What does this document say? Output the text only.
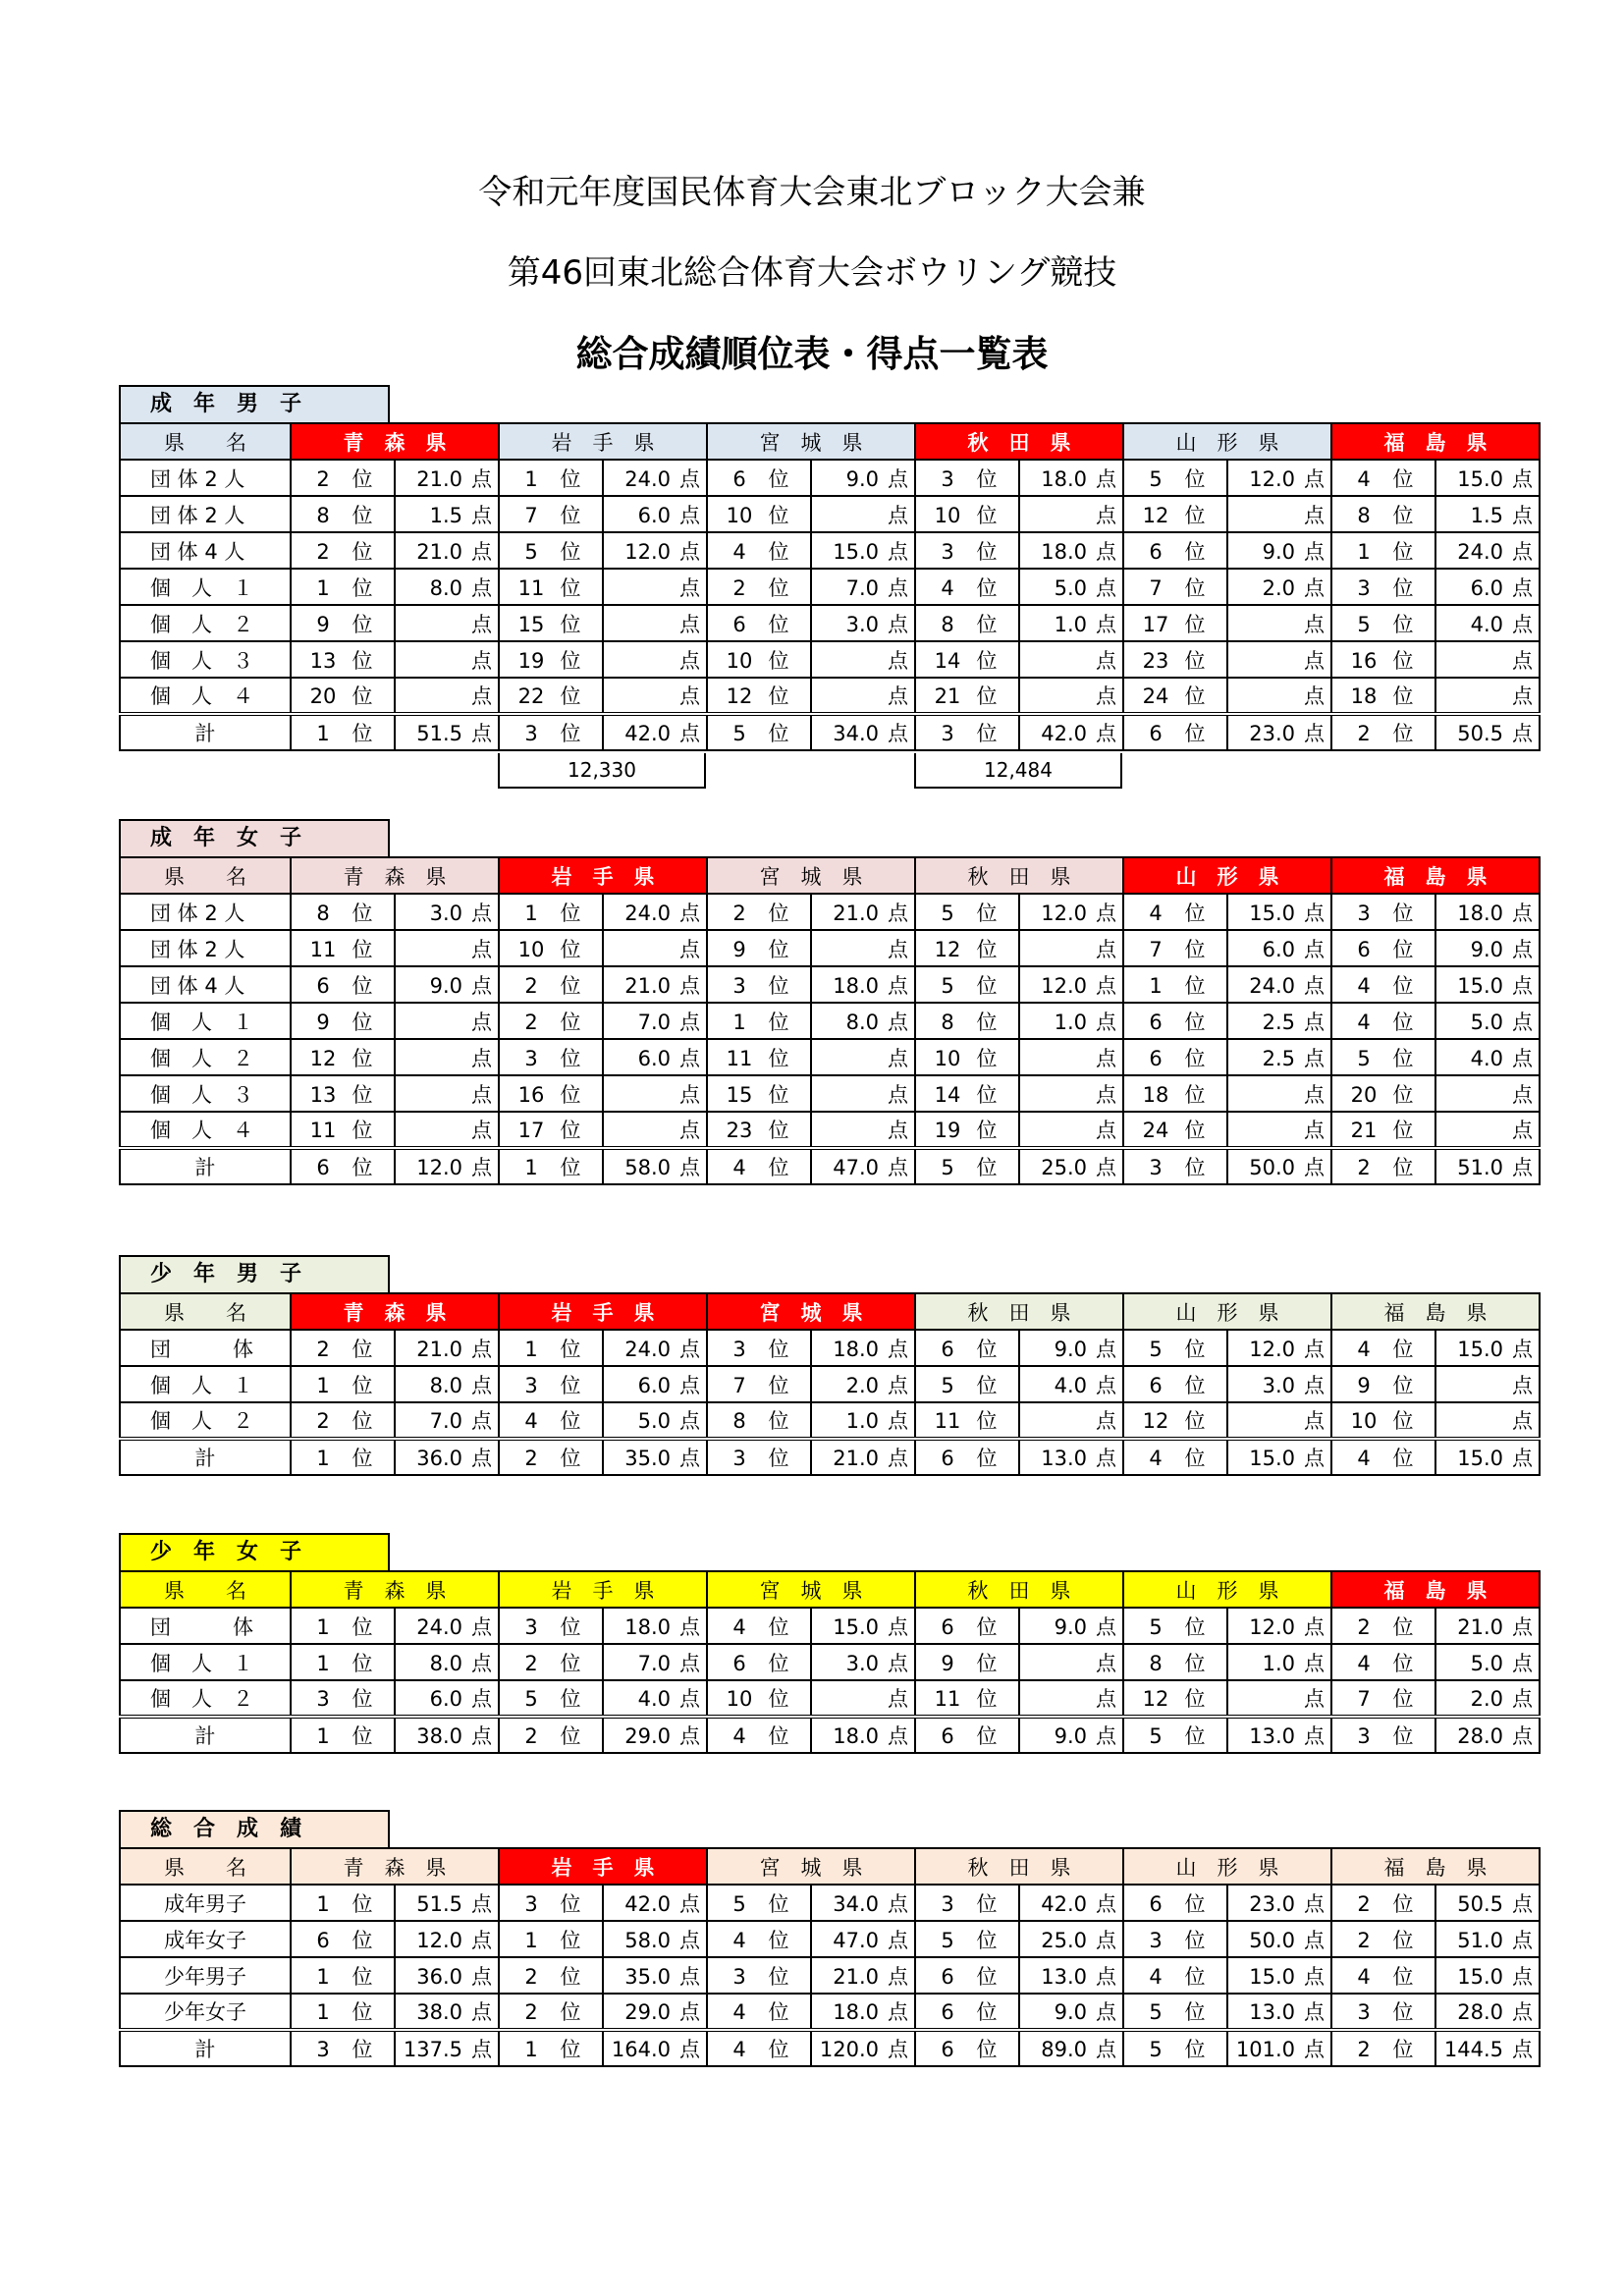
令和元年度国民体育大会東北ブロック大会兼
第46回東北総合体育大会ボウリング競技
総合成績順位表・得点一覧表
成　年　男　子
県　　名	青　森　県		岩　手　県		宮　城　県		秋　田　県		山　形　県		福　島　県	
団 体 2 人	2 位	21.0 点	1 位	24.0 点	6 位	9.0 点	3 位	18.0 点	5 位	12.0 点	4 位	15.0 点
団 体 2 人	8 位	1.5 点	7 位	6.0 点	10 位	点	10 位	点	12 位	点	8 位	1.5 点
団 体 4 人	2 位	21.0 点	5 位	12.0 点	4 位	15.0 点	3 位	18.0 点	6 位	9.0 点	1 位	24.0 点
個　人　１	1 位	8.0 点	11 位	点	2 位	7.0 点	4 位	5.0 点	7 位	2.0 点	3 位	6.0 点
個　人　２	9 位	点	15 位	点	6 位	3.0 点	8 位	1.0 点	17 位	点	5 位	4.0 点
個　人　３	13 位	点	19 位	点	10 位	点	14 位	点	23 位	点	16 位	点
個　人　４	20 位	点	22 位	点	12 位	点	21 位	点	24 位	点	18 位	点
計	1 位	51.5 点	3 位	42.0 点	5 位	34.0 点	3 位	42.0 点	6 位	23.0 点	2 位	50.5 点
12,330	12,484
成　年　女　子
県　　名	青　森　県		岩　手　県		宮　城　県		秋　田　県		山　形　県		福　島　県	
団 体 2 人	8 位	3.0 点	1 位	24.0 点	2 位	21.0 点	5 位	12.0 点	4 位	15.0 点	3 位	18.0 点
団 体 2 人	11 位	点	10 位	点	9 位	点	12 位	点	7 位	6.0 点	6 位	9.0 点
団 体 4 人	6 位	9.0 点	2 位	21.0 点	3 位	18.0 点	5 位	12.0 点	1 位	24.0 点	4 位	15.0 点
個　人　１	9 位	点	2 位	7.0 点	1 位	8.0 点	8 位	1.0 点	6 位	2.5 点	4 位	5.0 点
個　人　２	12 位	点	3 位	6.0 点	11 位	点	10 位	点	6 位	2.5 点	5 位	4.0 点
個　人　３	13 位	点	16 位	点	15 位	点	14 位	点	18 位	点	20 位	点
個　人　４	11 位	点	17 位	点	23 位	点	19 位	点	24 位	点	21 位	点
計	6 位	12.0 点	1 位	58.0 点	4 位	47.0 点	5 位	25.0 点	3 位	50.0 点	2 位	51.0 点
少　年　男　子
県　　名	青　森　県		岩　手　県		宮　城　県		秋　田　県		山　形　県		福　島　県	
団　　　体	2 位	21.0 点	1 位	24.0 点	3 位	18.0 点	6 位	9.0 点	5 位	12.0 点	4 位	15.0 点
個　人　１	1 位	8.0 点	3 位	6.0 点	7 位	2.0 点	5 位	4.0 点	6 位	3.0 点	9 位	点
個　人　２	2 位	7.0 点	4 位	5.0 点	8 位	1.0 点	11 位	点	12 位	点	10 位	点
計	1 位	36.0 点	2 位	35.0 点	3 位	21.0 点	6 位	13.0 点	4 位	15.0 点	4 位	15.0 点
少　年　女　子
県　　名	青　森　県		岩　手　県		宮　城　県		秋　田　県		山　形　県		福　島　県	
団　　　体	1 位	24.0 点	3 位	18.0 点	4 位	15.0 点	6 位	9.0 点	5 位	12.0 点	2 位	21.0 点
個　人　１	1 位	8.0 点	2 位	7.0 点	6 位	3.0 点	9 位	点	8 位	1.0 点	4 位	5.0 点
個　人　２	3 位	6.0 点	5 位	4.0 点	10 位	点	11 位	点	12 位	点	7 位	2.0 点
計	1 位	38.0 点	2 位	29.0 点	4 位	18.0 点	6 位	9.0 点	5 位	13.0 点	3 位	28.0 点
総　合　成　績
県　　名	青　森　県		岩　手　県		宮　城　県		秋　田　県		山　形　県		福　島　県	
成年男子	1 位	51.5 点	3 位	42.0 点	5 位	34.0 点	3 位	42.0 点	6 位	23.0 点	2 位	50.5 点
成年女子	6 位	12.0 点	1 位	58.0 点	4 位	47.0 点	5 位	25.0 点	3 位	50.0 点	2 位	51.0 点
少年男子	1 位	36.0 点	2 位	35.0 点	3 位	21.0 点	6 位	13.0 点	4 位	15.0 点	4 位	15.0 点
少年女子	1 位	38.0 点	2 位	29.0 点	4 位	18.0 点	6 位	9.0 点	5 位	13.0 点	3 位	28.0 点
計	3 位	137.5 点	1 位	164.0 点	4 位	120.0 点	6 位	89.0 点	5 位	101.0 点	2 位	144.5 点
